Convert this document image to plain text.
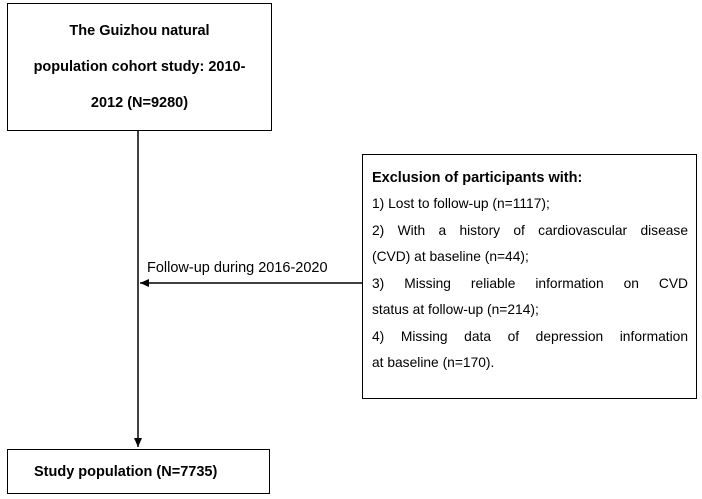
The Guizhou natural
population cohort study: 2010-
2012 (N=9280)
Follow-up during 2016-2020
Exclusion of participants with:
1) Lost to follow-up (n=1117);
2) With a history of cardiovascular disease
(CVD) at baseline (n=44);
3) Missing reliable information on CVD
status at follow-up (n=214);
4) Missing data of depression information
at baseline (n=170).
Study population (N=7735)
